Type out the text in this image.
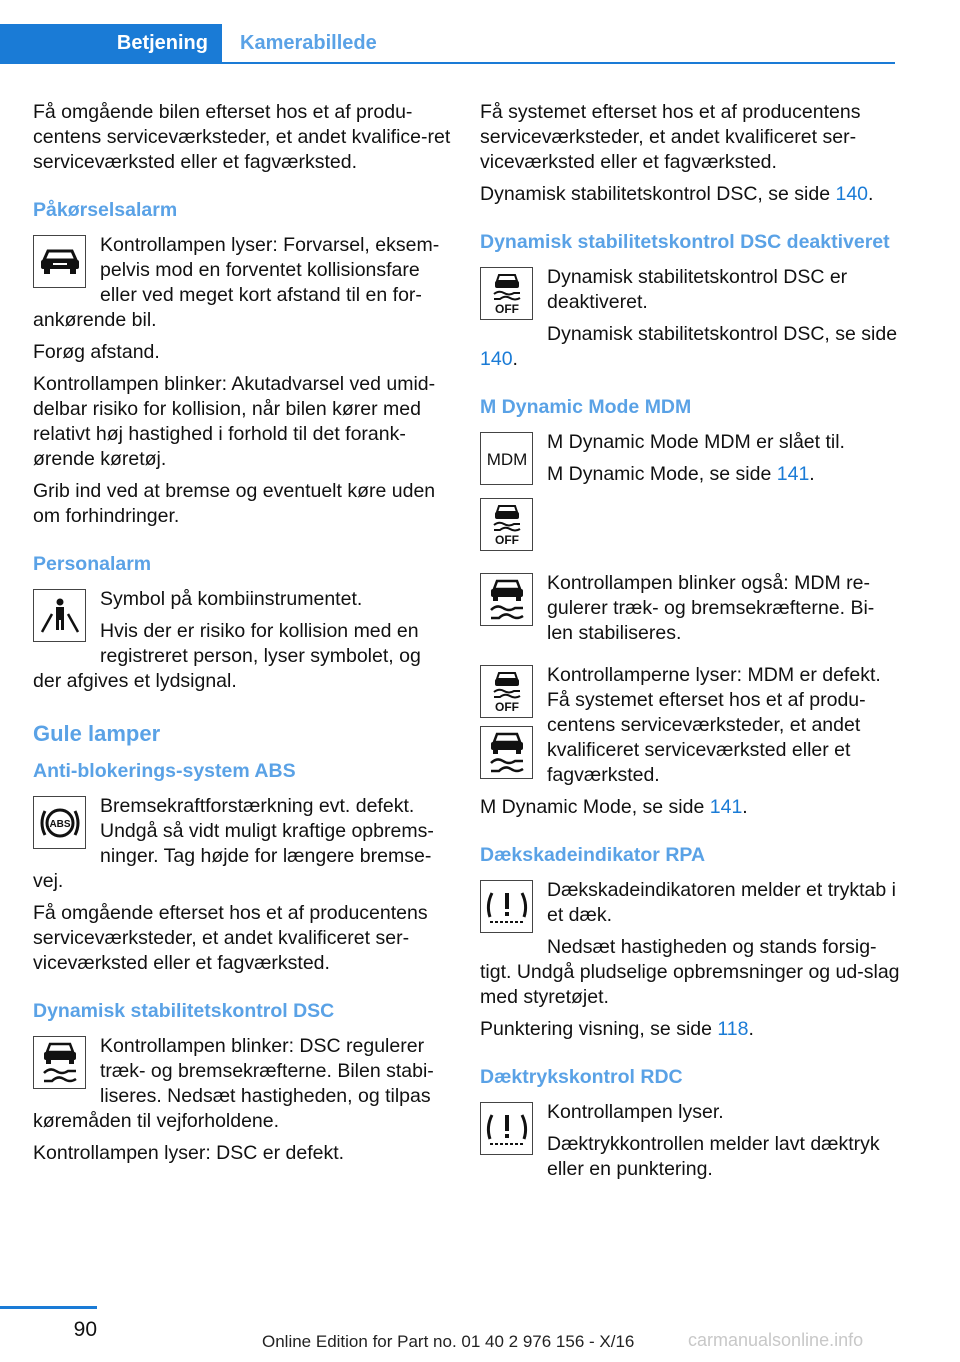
Betjening	Kamerabillede

Få omgående bilen efterset hos et af produ-centens serviceværksteder, et andet kvalifice-ret serviceværksted eller et fagværksted.

Påkørselsalarm

Kontrollampen lyser: Forvarsel, eksem-pelvis mod en forventet kollisionsfare eller ved meget kort afstand til en for-ankørende bil.

Forøg afstand.

Kontrollampen blinker: Akutadvarsel ved umid-delbar risiko for kollision, når bilen kører med relativt høj hastighed i forhold til det forank-ørende køretøj.

Grib ind ved at bremse og eventuelt køre uden om forhindringer.

Personalarm

Symbol på kombiinstrumentet.

Hvis der er risiko for kollision med en registreret person, lyser symbolet, og der afgives et lydsignal.

Gule lamper
Anti-blokerings-system ABS
ABS

Bremsekraftforstærkning evt. defekt. Undgå så vidt muligt kraftige opbrems-ninger. Tag højde for længere bremse-vej.

Få omgående efterset hos et af producentens serviceværksteder, et andet kvalificeret ser-viceværksted eller et fagværksted.

Dynamisk stabilitetskontrol DSC

Kontrollampen blinker: DSC regulerer træk- og bremsekræfterne. Bilen stabi-liseres. Nedsæt hastigheden, og tilpas køremåden til vejforholdene.

Kontrollampen lyser: DSC er defekt.

Få systemet efterset hos et af producentens serviceværksteder, et andet kvalificeret ser-viceværksted eller et fagværksted.

Dynamisk stabilitetskontrol DSC, se side 140.

Dynamisk stabilitetskontrol DSC deaktiveret
OFF

Dynamisk stabilitetskontrol DSC er deaktiveret.

Dynamisk stabilitetskontrol DSC, se side 140.

M Dynamic Mode MDM
MDM

M Dynamic Mode MDM er slået til.

M Dynamic Mode, se side 141.

OFF

Kontrollampen blinker også: MDM re-gulerer træk- og bremsekræfterne. Bi-len stabiliseres.

OFF

Kontrollamperne lyser: MDM er defekt. Få systemet efterset hos et af produ-centens serviceværksteder, et andet kvalificeret serviceværksted eller et fagværksted.

M Dynamic Mode, se side 141.

Dækskadeindikator RPA

Dækskadeindikatoren melder et tryktab i et dæk.

Nedsæt hastigheden og stands forsig-tigt. Undgå pludselige opbremsninger og ud-slag med styretøjet.

Punktering visning, se side 118.

Dæktrykskontrol RDC

Kontrollampen lyser.

Dæktrykkontrollen melder lavt dæktryk eller en punktering.

90
Online Edition for Part no. 01 40 2 976 156 - X/16	carmanualsonline.info
